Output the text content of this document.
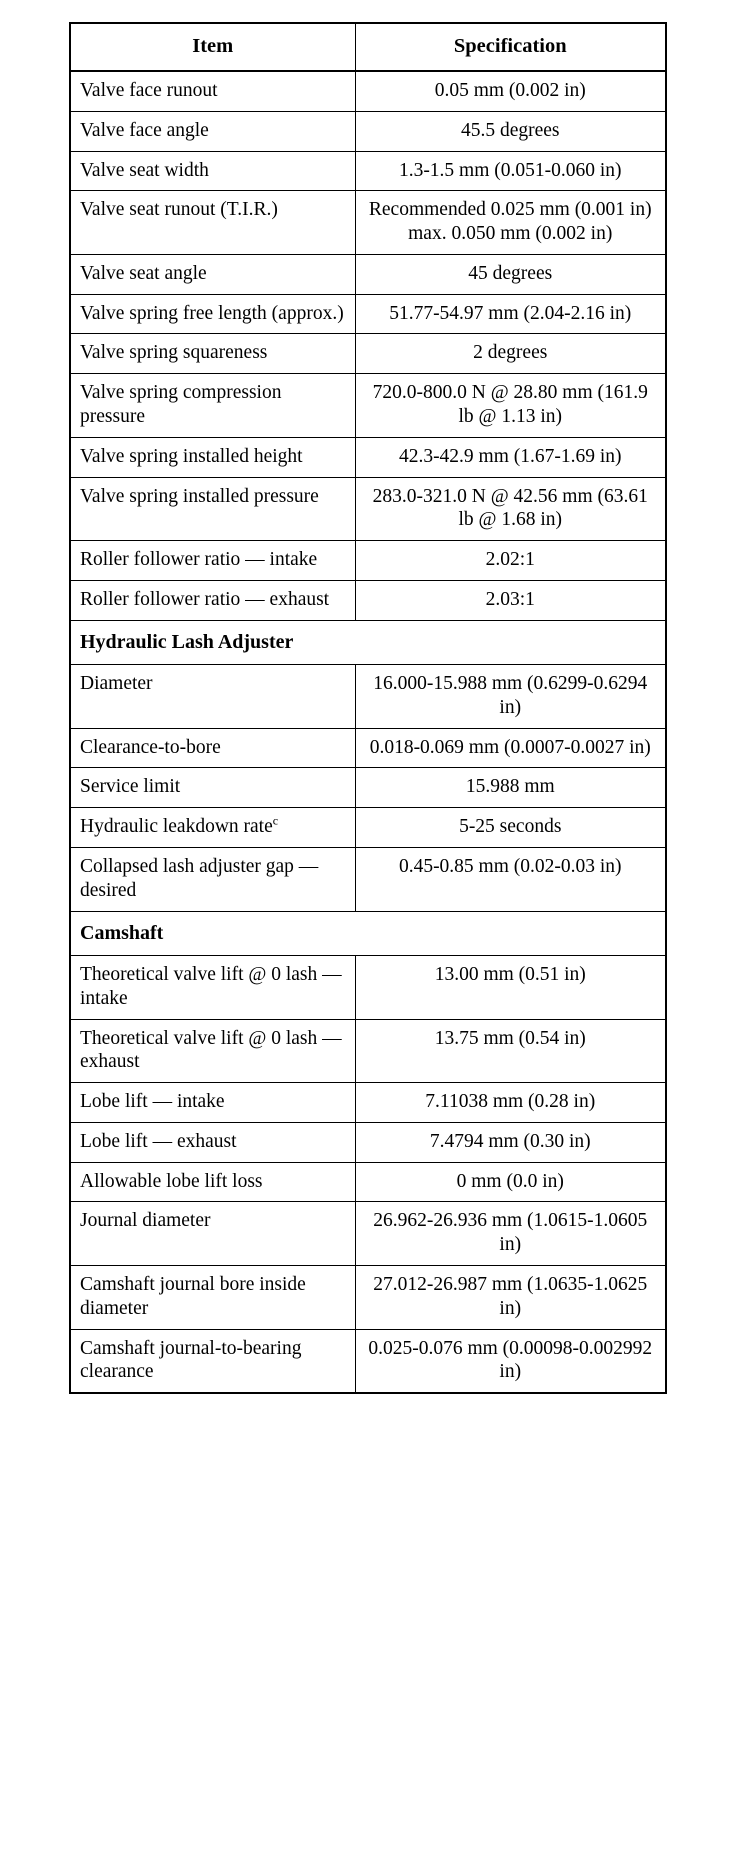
Item	Specification
Valve face runout	0.05 mm (0.002 in)
Valve face angle	45.5 degrees
Valve seat width	1.3-1.5 mm (0.051-0.060 in)
Valve seat runout (T.I.R.)	Recommended 0.025 mm (0.001 in) max. 0.050 mm (0.002 in)
Valve seat angle	45 degrees
Valve spring free length (approx.)	51.77-54.97 mm (2.04-2.16 in)
Valve spring squareness	2 degrees
Valve spring compression pressure	720.0-800.0 N @ 28.80 mm (161.9 lb @ 1.13 in)
Valve spring installed height	42.3-42.9 mm (1.67-1.69 in)
Valve spring installed pressure	283.0-321.0 N @ 42.56 mm (63.61 lb @ 1.68 in)
Roller follower ratio — intake	2.02:1
Roller follower ratio — exhaust	2.03:1
Hydraulic Lash Adjuster	
Diameter	16.000-15.988 mm (0.6299-0.6294 in)
Clearance-to-bore	0.018-0.069 mm (0.0007-0.0027 in)
Service limit	15.988 mm
Hydraulic leakdown rate$^c$	5-25 seconds
Collapsed lash adjuster gap — desired	0.45-0.85 mm (0.02-0.03 in)
Camshaft	
Theoretical valve lift @ 0 lash — intake	13.00 mm (0.51 in)
Theoretical valve lift @ 0 lash — exhaust	13.75 mm (0.54 in)
Lobe lift — intake	7.11038 mm (0.28 in)
Lobe lift — exhaust	7.4794 mm (0.30 in)
Allowable lobe lift loss	0 mm (0.0 in)
Journal diameter	26.962-26.936 mm (1.0615-1.0605 in)
Camshaft journal bore inside diameter	27.012-26.987 mm (1.0635-1.0625 in)
Camshaft journal-to-bearing clearance	0.025-0.076 mm (0.00098-0.002992 in)
